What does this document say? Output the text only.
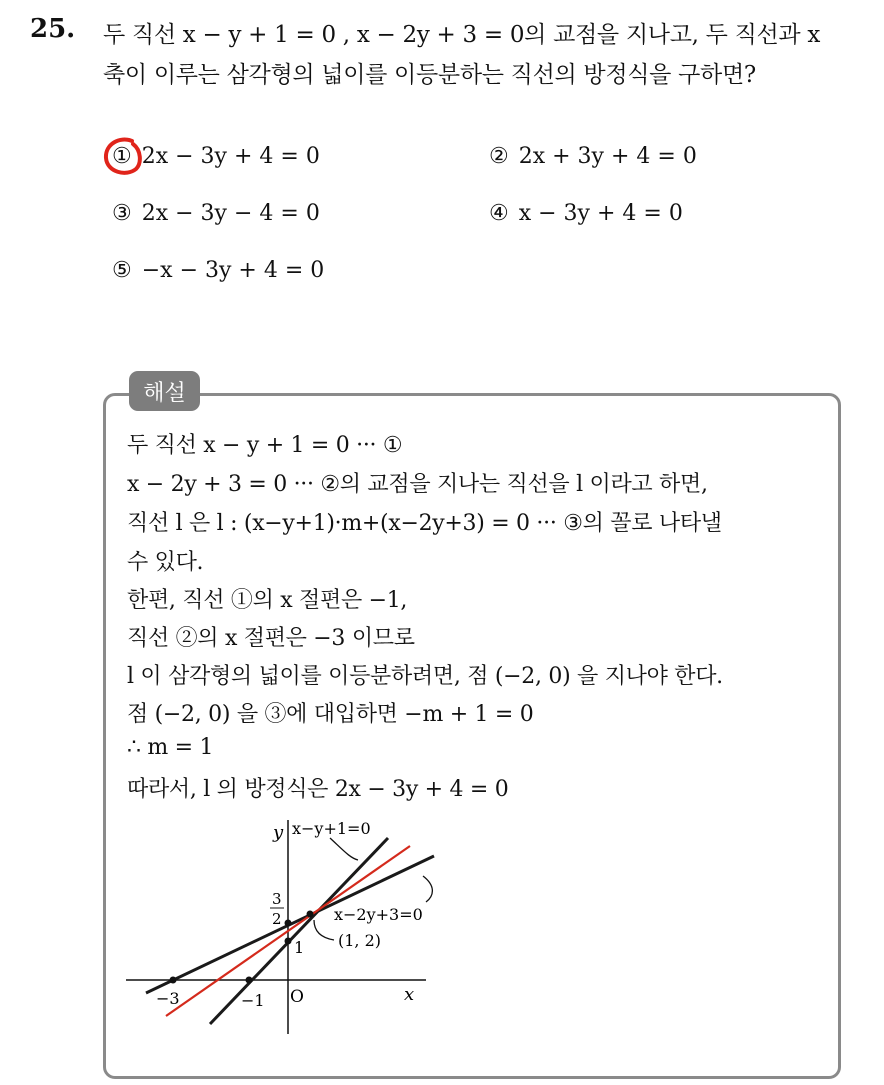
25. 두 직선 x − y + 1 = 0 , x − 2y + 3 = 0의 교점을 지나고, 두 직선과 x
축이 이루는 삼각형의 넓이를 이등분하는 직선의 방정식을 구하면?
① 2x − 3y + 4 = 0	② 2x + 3y + 4 = 0
③ 2x − 3y − 4 = 0	④ x − 3y + 4 = 0
⑤ −x − 3y + 4 = 0
해설
두 직선 x − y + 1 = 0 ··· ①
x − 2y + 3 = 0 ··· ②의 교점을 지나는 직선을 l 이라고 하면,
직선 l 은 l : (x−y+1)·m+(x−2y+3) = 0 ··· ③의 꼴로 나타낼
수 있다.
한편, 직선 ①의 x 절편은 −1,
직선 ②의 x 절편은 −3 이므로
l 이 삼각형의 넓이를 이등분하려면, 점 (−2, 0) 을 지나야 한다.
점 (−2, 0) 을 ③에 대입하면 −m + 1 = 0
∴ m = 1
따라서, l 의 방정식은 2x − 3y + 4 = 0
y
x
O
x−y+1=0
x−2y+3=0
(1, 2)
−3	−1
1
3
2
